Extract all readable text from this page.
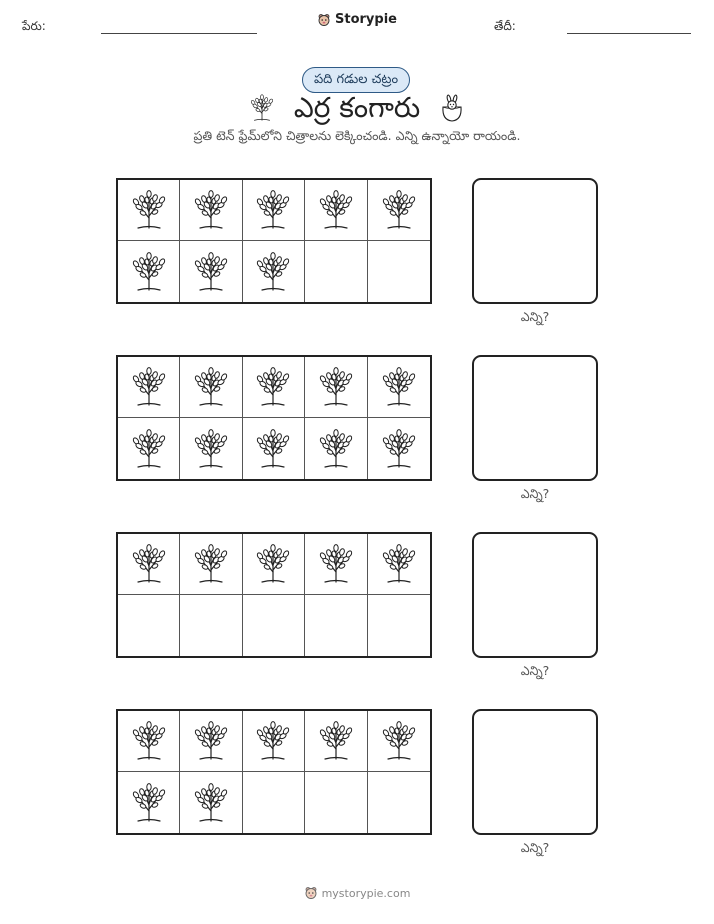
పేరు:	Storypie	తేదీ:
పది గడుల చట్రం
ఎర్ర కంగారు
ప్రతి టెన్ ఫ్రేమ్‌లోని చిత్రాలను లెక్కించండి. ఎన్ని ఉన్నాయో రాయండి.
ఎన్ని?
ఎన్ని?
ఎన్ని?
ఎన్ని?
mystorypie.com
